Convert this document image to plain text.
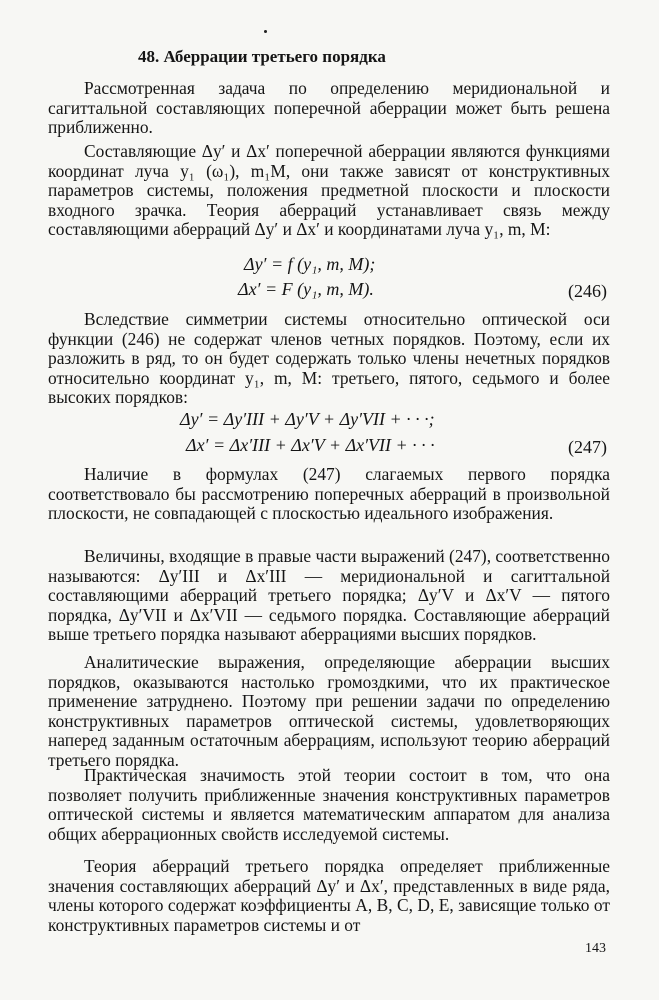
48. Аберрации третьего порядка

Рассмотренная задача по определению меридиональной и сагиттальной составляющих поперечной аберрации может быть решена приближенно.

Составляющие Δy′ и Δx′ поперечной аберрации являются функциями координат луча y₁ (ω₁), m₁M, они также зависят от конструктивных параметров системы, положения предметной плоскости и плоскости входного зрачка. Теория аберраций устанавливает связь между составляющими аберраций Δy′ и Δx′ и координатами луча y₁, m, M:

Δy′ = f (y₁, m, M);
Δx′ = F (y₁, m, M).	(246)

Вследствие симметрии системы относительно оптической оси функции (246) не содержат членов четных порядков. Поэтому, если их разложить в ряд, то он будет содержать только члены нечетных порядков относительно координат y₁, m, M: третьего, пятого, седьмого и более высоких порядков:

Δy′ = Δy′III + Δy′V + Δy′VII + · · ·;
Δx′ = Δx′III + Δx′V + Δx′VII + · · ·	(247)

Наличие в формулах (247) слагаемых первого порядка соответствовало бы рассмотрению поперечных аберраций в произвольной плоскости, не совпадающей с плоскостью идеального изображения.

Величины, входящие в правые части выражений (247), соответственно называются: Δy′III и Δx′III — меридиональной и сагиттальной составляющими аберраций третьего порядка; Δy′V и Δx′V — пятого порядка, Δy′VII и Δx′VII — седьмого порядка. Составляющие аберраций выше третьего порядка называют аберрациями высших порядков.

Аналитические выражения, определяющие аберрации высших порядков, оказываются настолько громоздкими, что их практическое применение затруднено. Поэтому при решении задачи по определению конструктивных параметров оптической системы, удовлетворяющих наперед заданным остаточным аберрациям, используют теорию аберраций третьего порядка.

Практическая значимость этой теории состоит в том, что она позволяет получить приближенные значения конструктивных параметров оптической системы и является математическим аппаратом для анализа общих аберрационных свойств исследуемой системы.

Теория аберраций третьего порядка определяет приближенные значения составляющих аберраций Δy′ и Δx′, представленных в виде ряда, члены которого содержат коэффициенты A, B, C, D, E, зависящие только от конструктивных параметров системы и от

143
